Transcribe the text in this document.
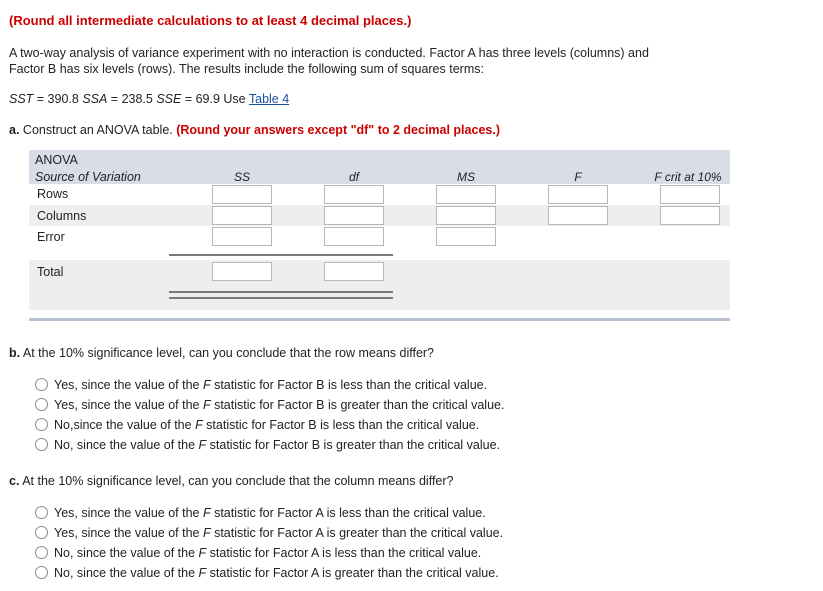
(Round all intermediate calculations to at least 4 decimal places.)
A two-way analysis of variance experiment with no interaction is conducted. Factor A has three levels (columns) and Factor B has six levels (rows). The results include the following sum of squares terms:
SST = 390.8 SSA = 238.5 SSE = 69.9 Use Table 4
a. Construct an ANOVA table. (Round your answers except "df" to 2 decimal places.)
ANOVA
Source of Variation	SS	df	MS	F	F crit at 10%
Rows
Columns
Error
Total
b. At the 10% significance level, can you conclude that the row means differ?
Yes, since the value of the F statistic for Factor B is less than the critical value.
Yes, since the value of the F statistic for Factor B is greater than the critical value.
No,since the value of the F statistic for Factor B is less than the critical value.
No, since the value of the F statistic for Factor B is greater than the critical value.
c. At the 10% significance level, can you conclude that the column means differ?
Yes, since the value of the F statistic for Factor A is less than the critical value.
Yes, since the value of the F statistic for Factor A is greater than the critical value.
No, since the value of the F statistic for Factor A is less than the critical value.
No, since the value of the F statistic for Factor A is greater than the critical value.
